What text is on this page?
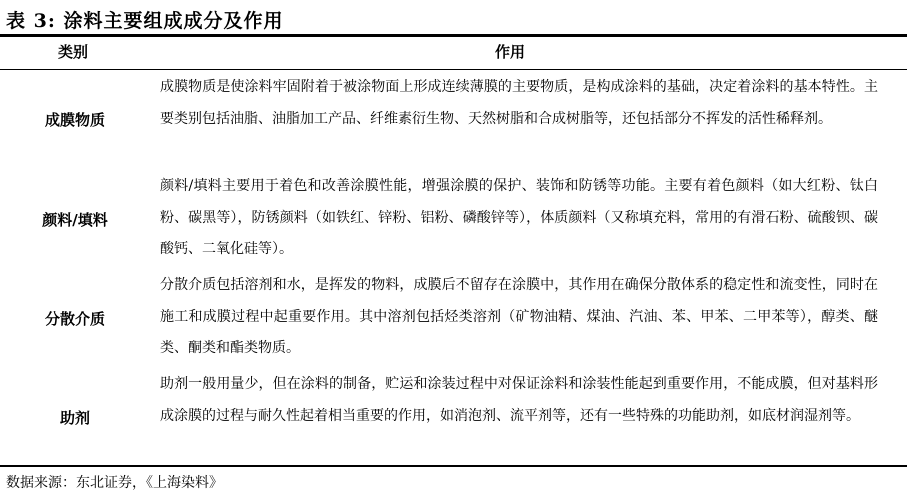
表 3: 涂料主要组成成分及作用
类别	作用
成膜物质
成膜物质是使涂料牢固附着于被涂物面上形成连续薄膜的主要物质，是构成涂料的基础，决定着涂料的基本特性。主要类别包括油脂、油脂加工产品、纤维素衍生物、天然树脂和合成树脂等，还包括部分不挥发的活性稀释剂。
颜料/填料
颜料/填料主要用于着色和改善涂膜性能，增强涂膜的保护、装饰和防锈等功能。主要有着色颜料（如大红粉、钛白粉、碳黑等），防锈颜料（如铁红、锌粉、铝粉、磷酸锌等），体质颜料（又称填充料，常用的有滑石粉、硫酸钡、碳酸钙、二氧化硅等）。
分散介质
分散介质包括溶剂和水，是挥发的物料，成膜后不留存在涂膜中，其作用在确保分散体系的稳定性和流变性，同时在施工和成膜过程中起重要作用。其中溶剂包括烃类溶剂（矿物油精、煤油、汽油、苯、甲苯、二甲苯等），醇类、醚类、酮类和酯类物质。
助剂
助剂一般用量少，但在涂料的制备，贮运和涂装过程中对保证涂料和涂装性能起到重要作用，不能成膜，但对基料形成涂膜的过程与耐久性起着相当重要的作用，如消泡剂、流平剂等，还有一些特殊的功能助剂，如底材润湿剂等。
数据来源：东北证券，《上海染料》
